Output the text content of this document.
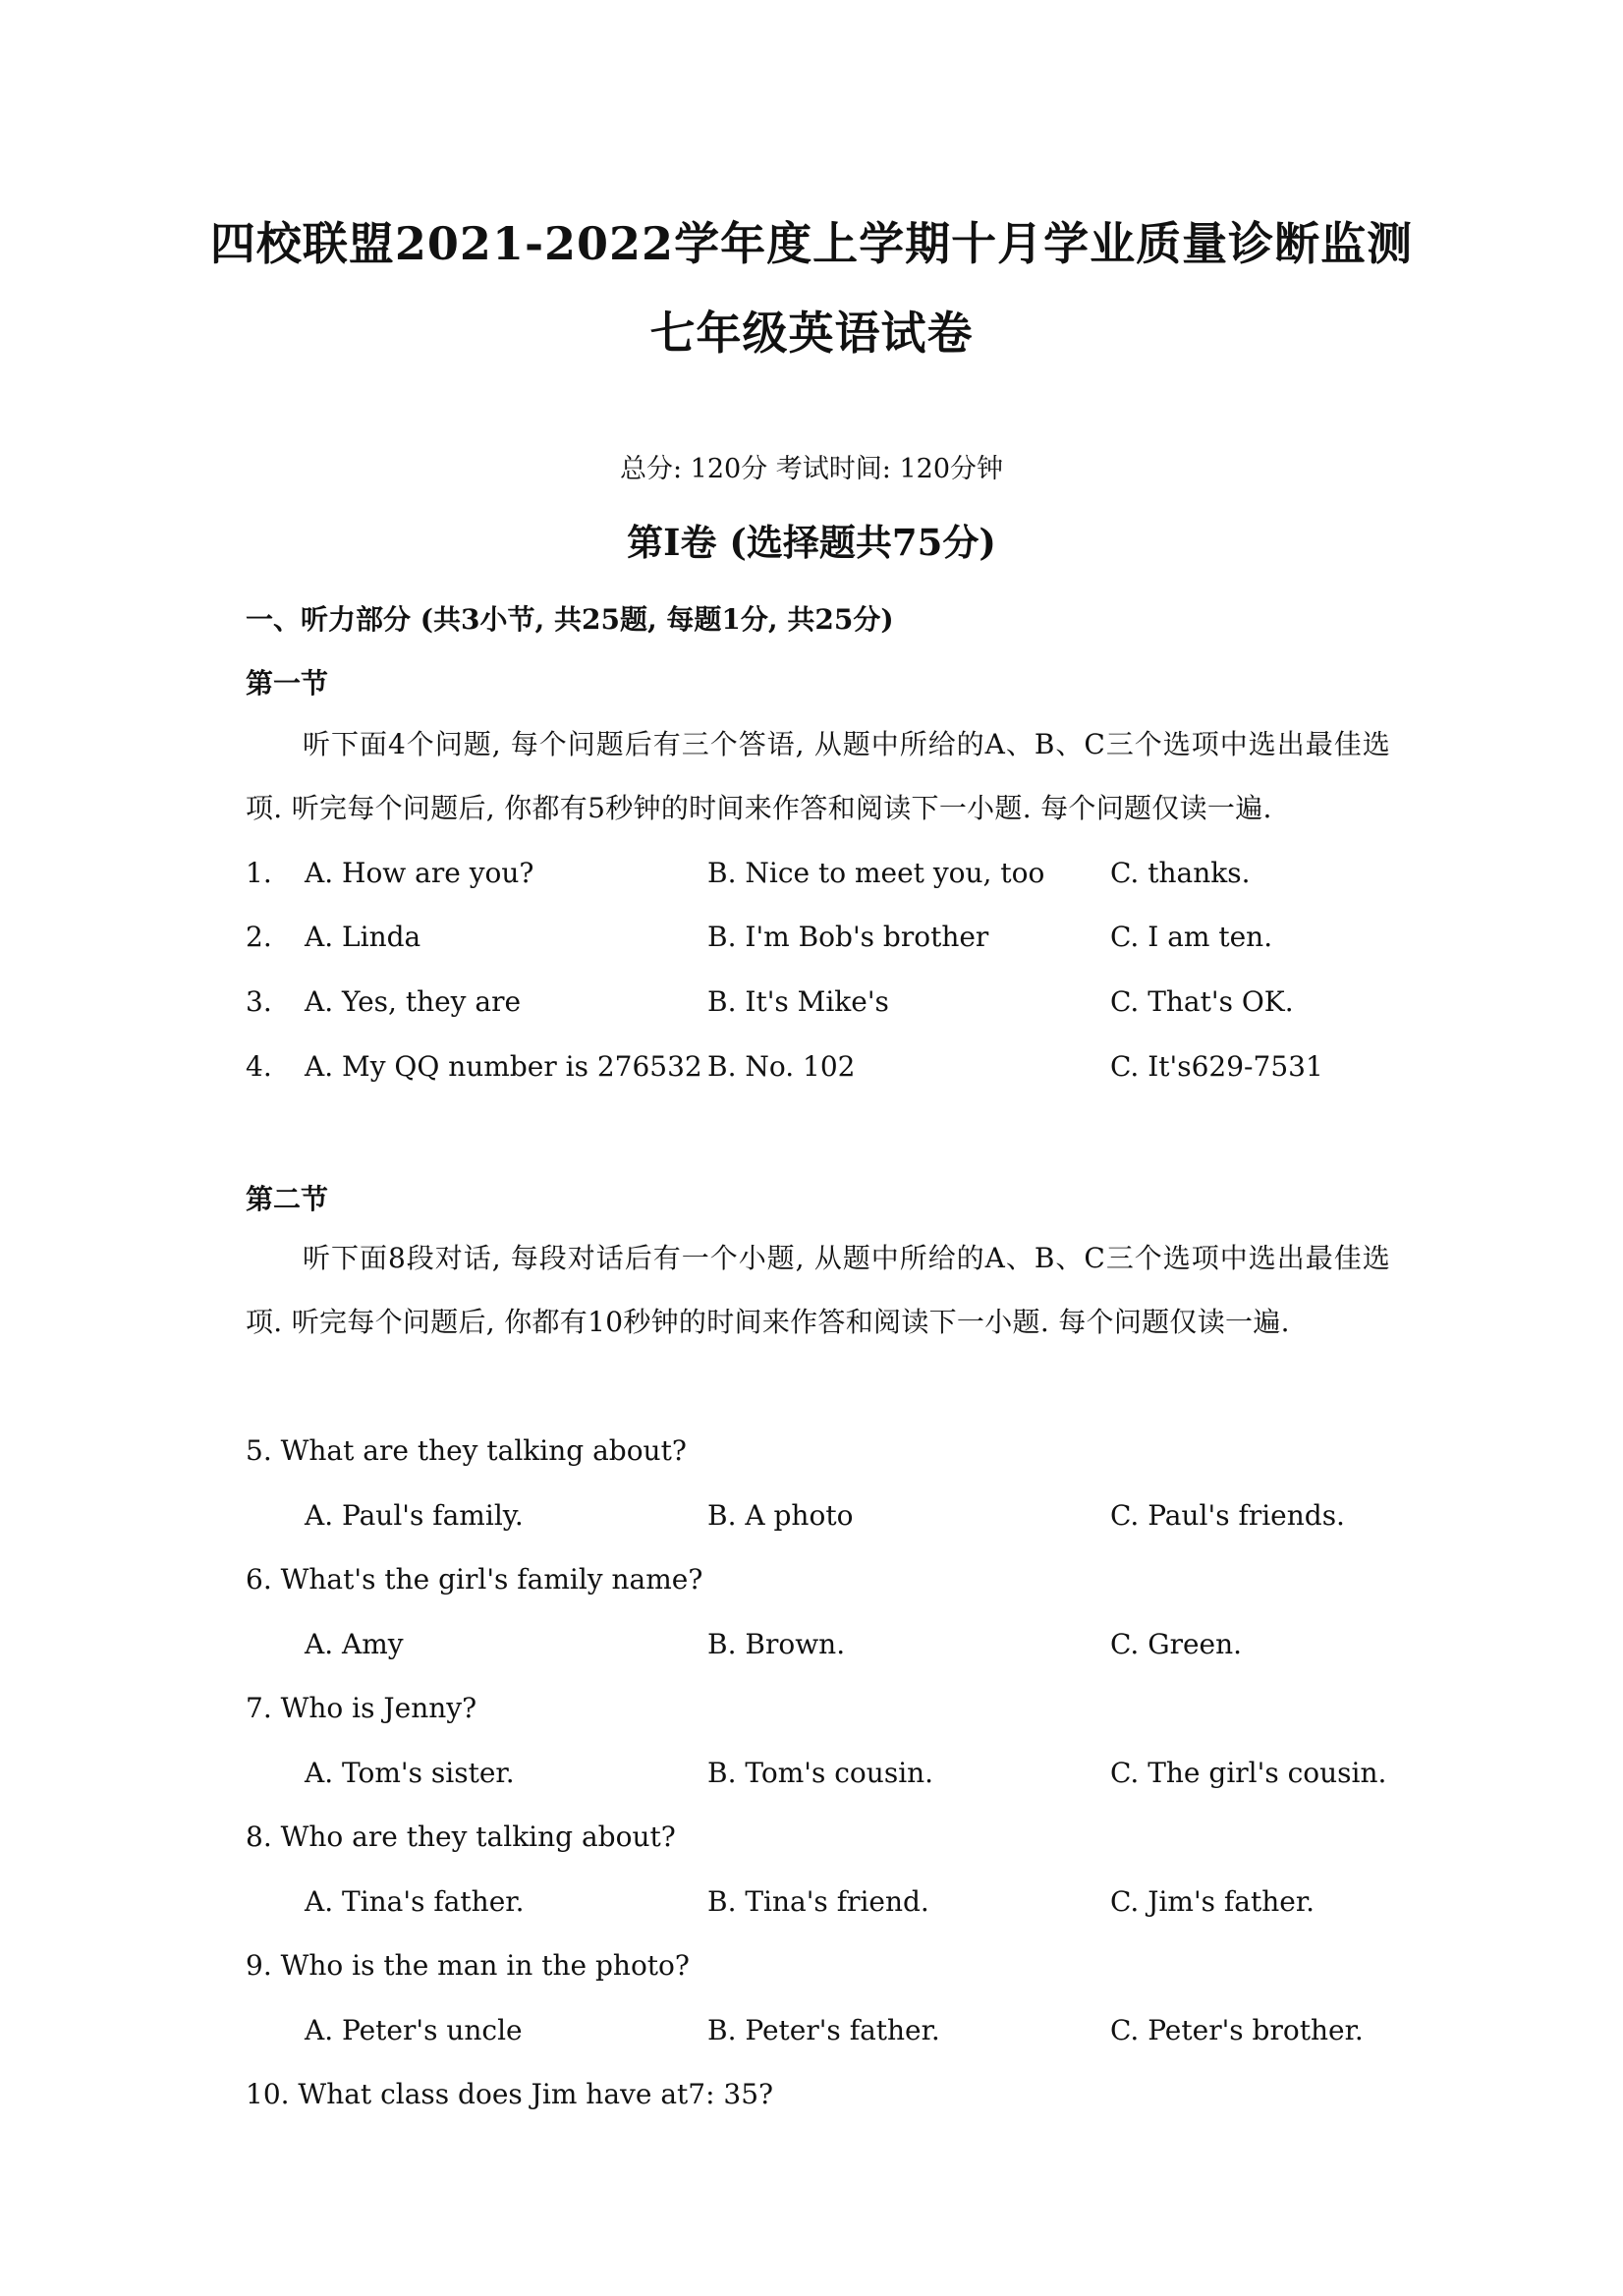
四校联盟2021-2022学年度上学期十月学业质量诊断监测
七年级英语试卷
总分: 120分 考试时间: 120分钟
第I卷 (选择题共75分)
一、听力部分 (共3小节, 共25题, 每题1分, 共25分)
第一节
听下面4个问题, 每个问题后有三个答语, 从题中所给的A、B、C三个选项中选出最佳选项. 听完每个问题后, 你都有5秒钟的时间来作答和阅读下一小题. 每个问题仅读一遍.
1. A. How are you?	B. Nice to meet you, too C. thanks.
2. A. Linda	B. I'm Bob's brother	C. I am ten.
3. A. Yes, they are	B. It's Mike's	C. That's OK.
4. A. My QQ number is 276532 B. No. 102	C. It's629-7531
第二节
听下面8段对话, 每段对话后有一个小题, 从题中所给的A、B、C三个选项中选出最佳选项. 听完每个问题后, 你都有10秒钟的时间来作答和阅读下一小题. 每个问题仅读一遍.
5. What are they talking about?
A. Paul's family.	B. A photo	C. Paul's friends.
6. What's the girl's family name?
A. Amy	B. Brown.	C. Green.
7. Who is Jenny?
A. Tom's sister.	B. Tom's cousin.	C. The girl's cousin.
8. Who are they talking about?
A. Tina's father.	B. Tina's friend.	C. Jim's father.
9. Who is the man in the photo?
A. Peter's uncle	B. Peter's father.	C. Peter's brother.
10. What class does Jim have at7: 35?
